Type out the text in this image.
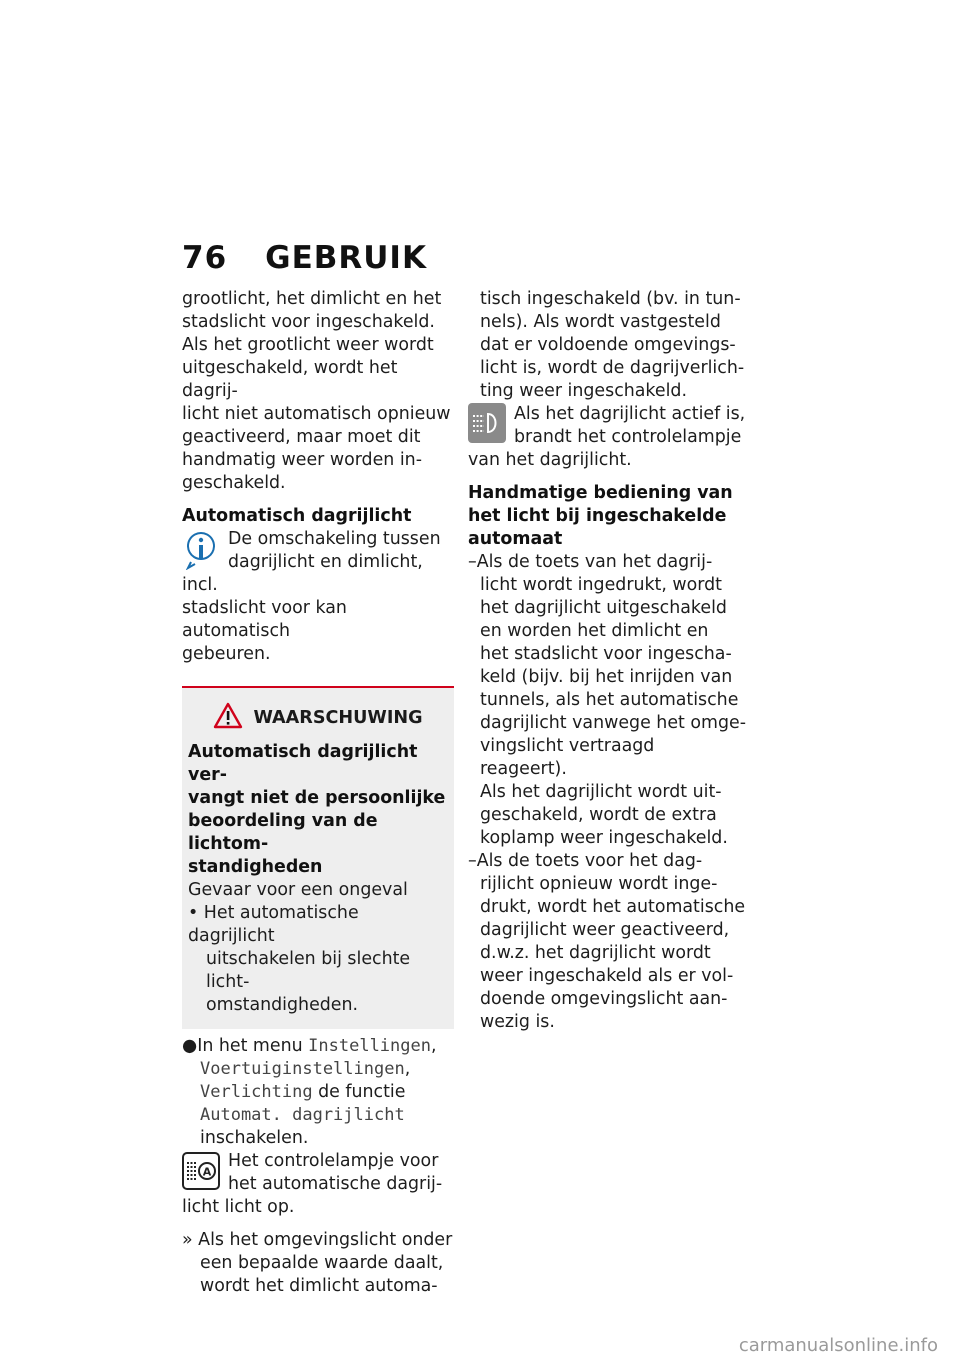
76 GEBRUIK

grootlicht, het dimlicht en het

stadslicht voor ingeschakeld.

Als het grootlicht weer wordt

uitgeschakeld, wordt het dagrij-

licht niet automatisch opnieuw

geactiveerd, maar moet dit

handmatig weer worden in-

geschakeld.

Automatisch dagrijlicht

De omschakeling tussen

dagrijlicht en dimlicht, incl.

stadslicht voor kan automatisch

gebeuren.

WAARSCHUWING

Automatisch dagrijlicht ver-

vangt niet de persoonlijke

beoordeling van de lichtom-

standigheden

Gevaar voor een ongeval

• Het automatische dagrijlicht

uitschakelen bij slechte licht-

omstandigheden.

●In het menu Instellingen,

Voertuiginstellingen,

Verlichting de functie

Automat. dagrijlicht

inschakelen.

A

Het controlelampje voor

het automatische dagrij-

licht licht op.

» Als het omgevingslicht onder

een bepaalde waarde daalt,

wordt het dimlicht automa-

tisch ingeschakeld (bv. in tun-

nels). Als wordt vastgesteld

dat er voldoende omgevings-

licht is, wordt de dagrijverlich-

ting weer ingeschakeld.

Als het dagrijlicht actief is,

brandt het controlelampje

van het dagrijlicht.

Handmatige bediening van

het licht bij ingeschakelde

automaat

–Als de toets van het dagrij-

licht wordt ingedrukt, wordt

het dagrijlicht uitgeschakeld

en worden het dimlicht en

het stadslicht voor ingescha-

keld (bijv. bij het inrijden van

tunnels, als het automatische

dagrijlicht vanwege het omge-

vingslicht vertraagd reageert).

Als het dagrijlicht wordt uit-

geschakeld, wordt de extra

koplamp weer ingeschakeld.

–Als de toets voor het dag-

rijlicht opnieuw wordt inge-

drukt, wordt het automatische

dagrijlicht weer geactiveerd,

d.w.z. het dagrijlicht wordt

weer ingeschakeld als er vol-

doende omgevingslicht aan-

wezig is.

carmanualsonline.info
